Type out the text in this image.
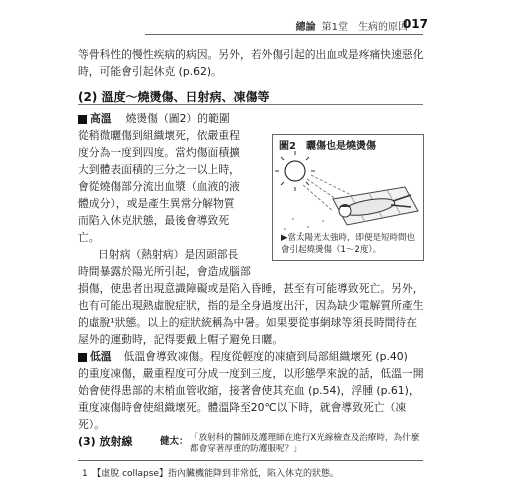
總論 第1堂　生病的原因
017
等骨科性的慢性疾病的病因。另外，若外傷引起的出血或是疼痛快速惡化
時，可能會引起休克 (p.62)。
(2) 溫度～燒燙傷、日射病、凍傷等
高溫 燒燙傷（圖2）的範圍
從稍微曬傷到組織壞死，依嚴重程
度分為一度到四度。當灼傷面積擴
大到體表面積的三分之一以上時，
會從燒傷部分流出血漿（血液的液
體成分），或是產生異常分解物質
而陷入休克狀態，最後會導致死
亡。
圖2　曬傷也是燒燙傷
▶當太陽光太強時，即便是短時間也會引起燒燙傷（1～2度）。
日射病（熱射病）是因頭部長
時間暴露於陽光所引起，會造成腦部
損傷，使患者出現意識障礙或是陷入昏睡，甚至有可能導致死亡。另外，
也有可能出現熱虛脫症狀，指的是全身過度出汗，因為缺少電解質所產生
的虛脫¹狀態。以上的症狀統稱為中暑。如果要從事網球等須長時間待在
屋外的運動時，記得要戴上帽子避免日曬。
低溫 低溫會導致凍傷。程度從輕度的凍瘡到局部組織壞死 (p.40)
的重度凍傷，嚴重程度可分成一度到三度，以形態學來說的話，低溫一開
始會使得患部的末梢血管收縮，接著會使其充血 (p.54)，浮腫 (p.61)，
重度凍傷時會使組織壞死。體溫降至20℃以下時，就會導致死亡（凍
死）。
(3) 放射線	健太： 「放射科的醫師及護理師在進行X光線檢查及治療時，為什麼都會穿著厚重的防護服呢？」
1　【虛脫 collapse】指內臟機能降到非常低，陷入休克的狀態。
